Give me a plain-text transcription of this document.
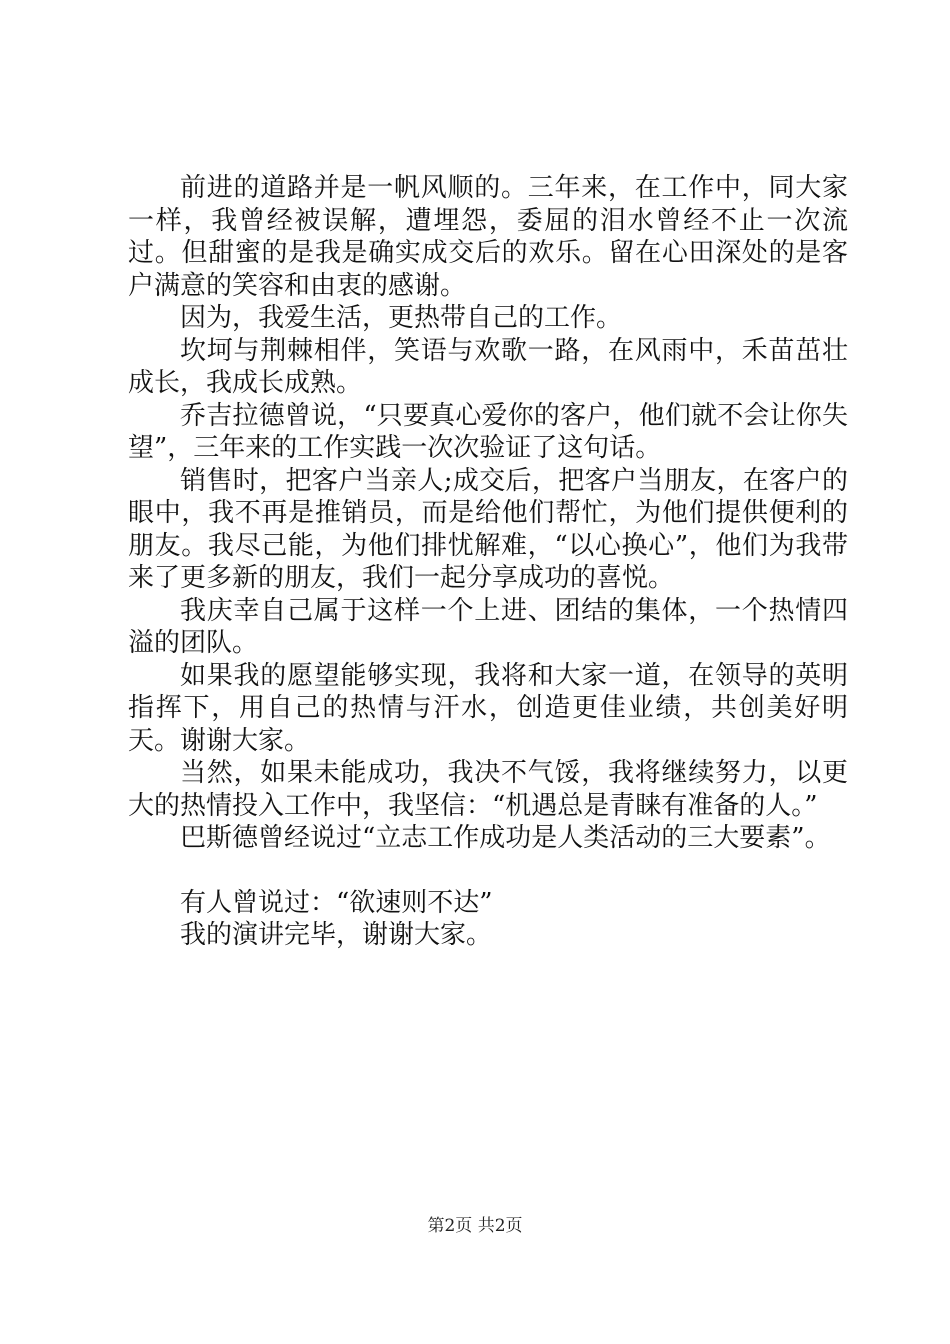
前进的道路并是一帆风顺的。三年来，在工作中，同大家一样，我曾经被误解，遭埋怨，委屈的泪水曾经不止一次流过。但甜蜜的是我是确实成交后的欢乐。留在心田深处的是客户满意的笑容和由衷的感谢。

因为，我爱生活，更热带自己的工作。

坎坷与荆棘相伴，笑语与欢歌一路，在风雨中，禾苗茁壮成长，我成长成熟。

乔吉拉德曾说，“只要真心爱你的客户，他们就不会让你失望”，三年来的工作实践一次次验证了这句话。

销售时，把客户当亲人;成交后，把客户当朋友，在客户的眼中，我不再是推销员，而是给他们帮忙，为他们提供便利的朋友。我尽己能，为他们排忧解难，“以心换心”，他们为我带来了更多新的朋友，我们一起分享成功的喜悦。

我庆幸自己属于这样一个上进、团结的集体，一个热情四溢的团队。

如果我的愿望能够实现，我将和大家一道，在领导的英明指挥下，用自己的热情与汗水，创造更佳业绩，共创美好明天。谢谢大家。

当然，如果未能成功，我决不气馁，我将继续努力，以更大的热情投入工作中，我坚信：“机遇总是青睐有准备的人。”

巴斯德曾经说过“立志工作成功是人类活动的三大要素”。

有人曾说过：“欲速则不达”

我的演讲完毕，谢谢大家。

第2页 共2页
